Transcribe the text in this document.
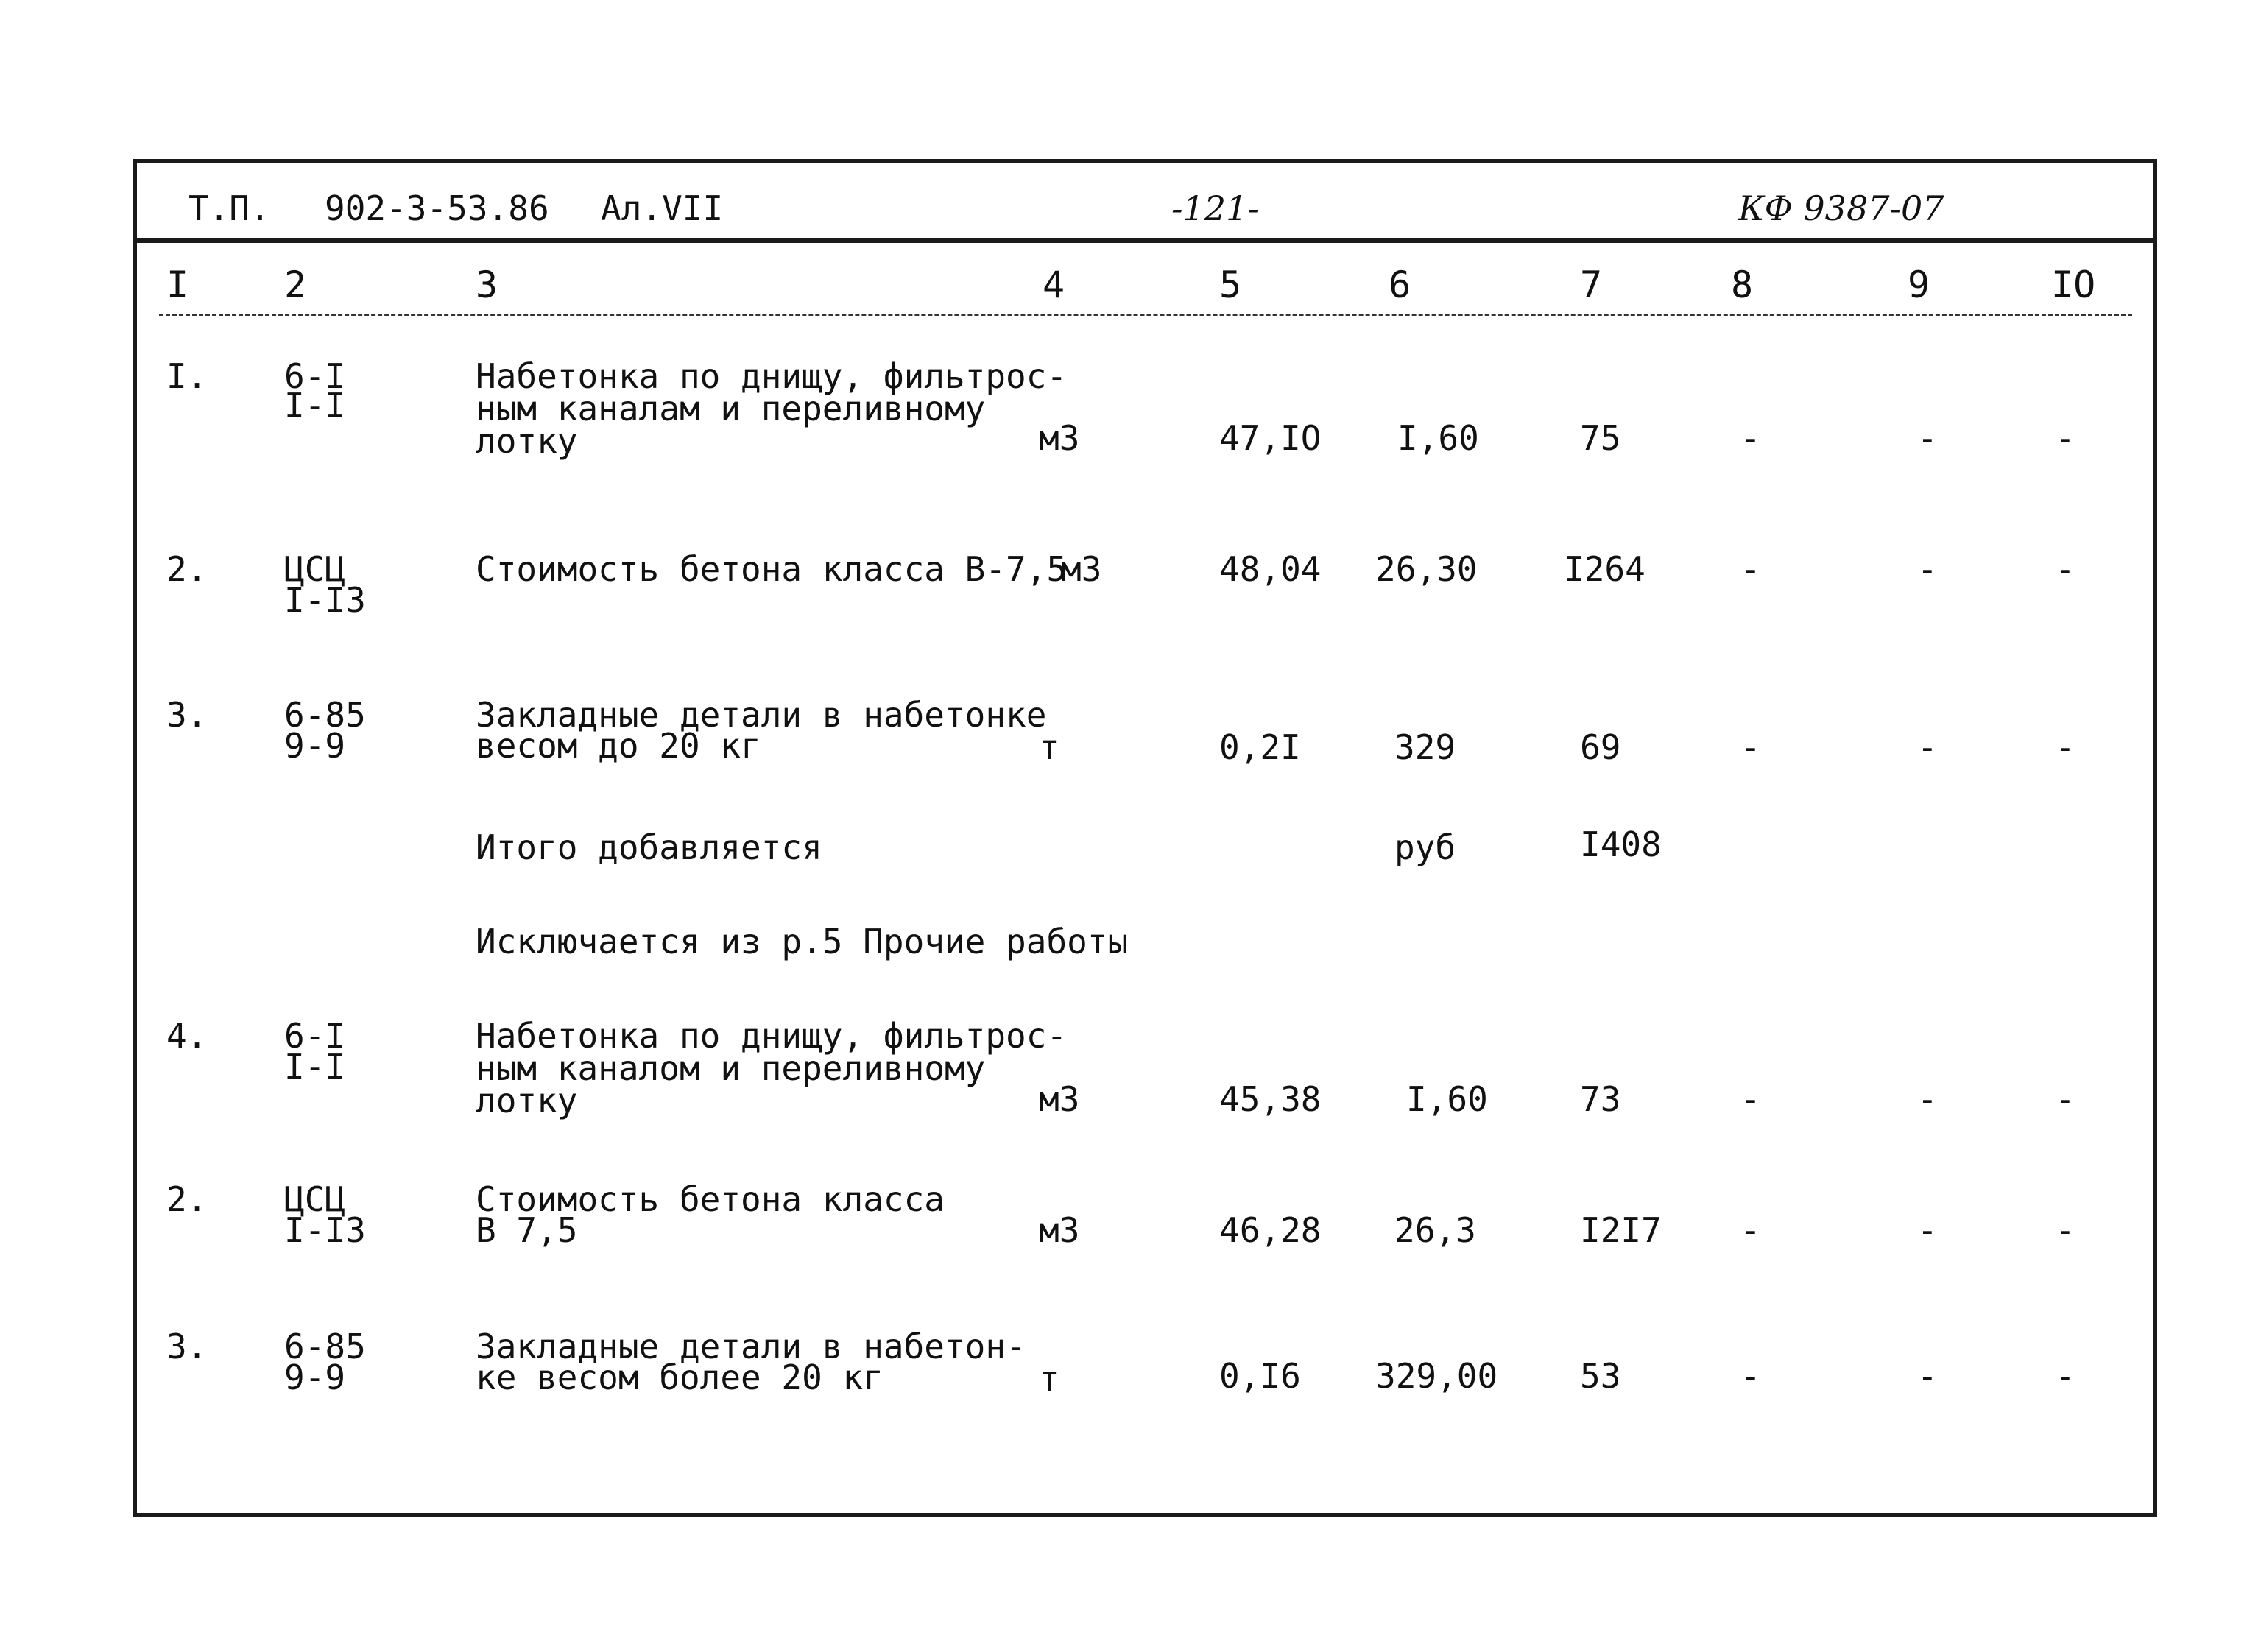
Т.П. 902-3-53.86 Ал.VII	-121-	КФ 9387-07
I	2	3	4	5	6	7	8	9	IO
I. 6-I
I-I
Набетонка по днищу, фильтрос-
ным каналам и переливному
лотку	м3	47,IO I,60	75	-	-	-
2. ЦСЦ
I-I3
Стоимость бетона класса В-7,5
м3	48,04 26,30	I264	-	-	-
3. 6-85
9-9
Закладные детали в набетонке
весом до 20 кг	т	0,2I	329	69	-	-	-
Итого добавляется	руб	I408
Исключается из р.5 Прочие работы
4. 6-I
I-I
Набетонка по днищу, фильтрос-
ным каналом и переливному
лотку	м3	45,38	I,60	73	-	-	-
2. ЦСЦ
I-I3
Стоимость бетона класса
В 7,5	м3	46,28 26,3	I2I7 -	-	-
3. 6-85
9-9
Закладные детали в набетон-
ке весом более 20 кг	т	0,I6 329,00 53	-	-	-
